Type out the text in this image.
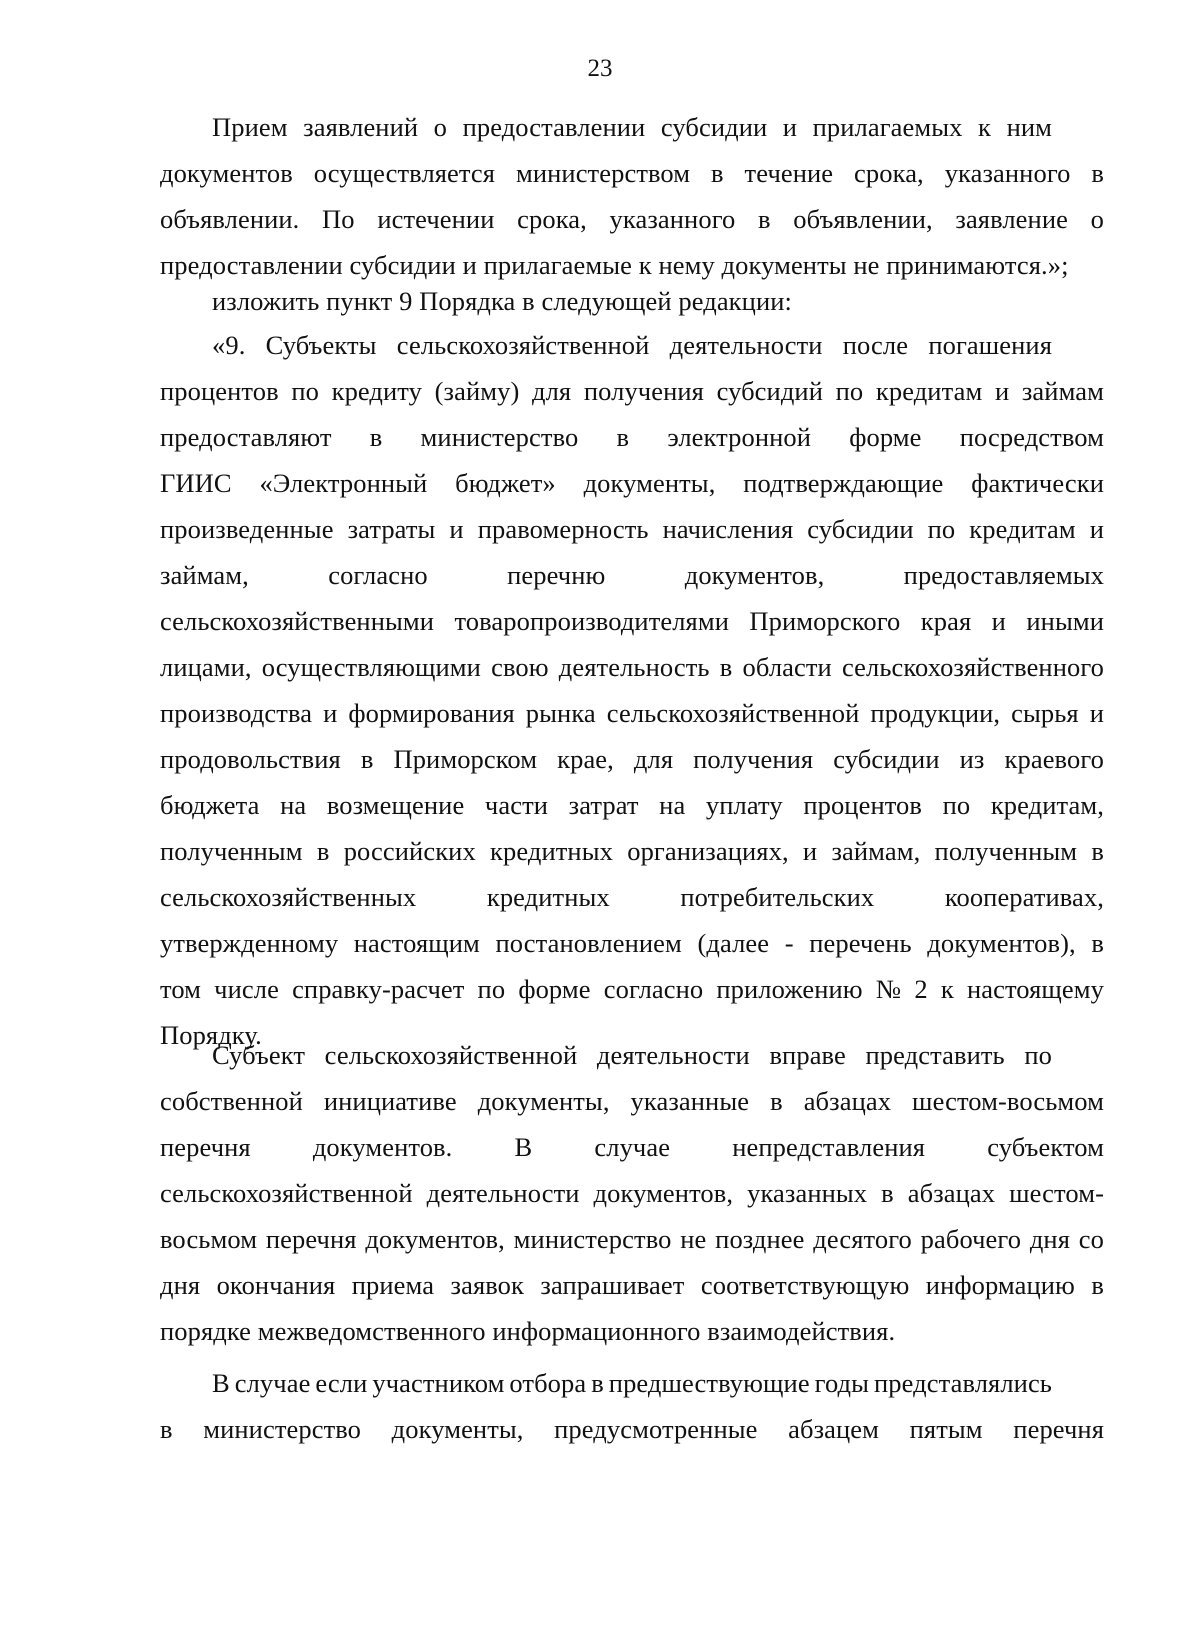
23
Прием заявлений о предоставлении субсидии и прилагаемых к ним
документов осуществляется министерством в течение срока, указанного в
объявлении. По истечении срока, указанного в объявлении, заявление о
предоставлении субсидии и прилагаемые к нему документы не принимаются.»;
изложить пункт 9 Порядка в следующей редакции:
«9. Субъекты сельскохозяйственной деятельности после погашения
процентов по кредиту (займу) для получения субсидий по кредитам и займам
предоставляют в министерство в электронной форме посредством
ГИИС «Электронный бюджет» документы, подтверждающие фактически
произведенные затраты и правомерность начисления субсидии по кредитам и
займам, согласно перечню документов, предоставляемых
сельскохозяйственными товаропроизводителями Приморского края и иными
лицами, осуществляющими свою деятельность в области сельскохозяйственного
производства и формирования рынка сельскохозяйственной продукции, сырья и
продовольствия в Приморском крае, для получения субсидии из краевого
бюджета на возмещение части затрат на уплату процентов по кредитам,
полученным в российских кредитных организациях, и займам, полученным в
сельскохозяйственных кредитных потребительских кооперативах,
утвержденному настоящим постановлением (далее - перечень документов), в
том числе справку-расчет по форме согласно приложению № 2 к настоящему
Порядку.
Субъект сельскохозяйственной деятельности вправе представить по
собственной инициативе документы, указанные в абзацах шестом-восьмом
перечня документов. В случае непредставления субъектом
сельскохозяйственной деятельности документов, указанных в абзацах шестом-
восьмом перечня документов, министерство не позднее десятого рабочего дня со
дня окончания приема заявок запрашивает соответствующую информацию в
порядке межведомственного информационного взаимодействия.
В случае если участником отбора в предшествующие годы представлялись
в министерство документы, предусмотренные абзацем пятым перечня
